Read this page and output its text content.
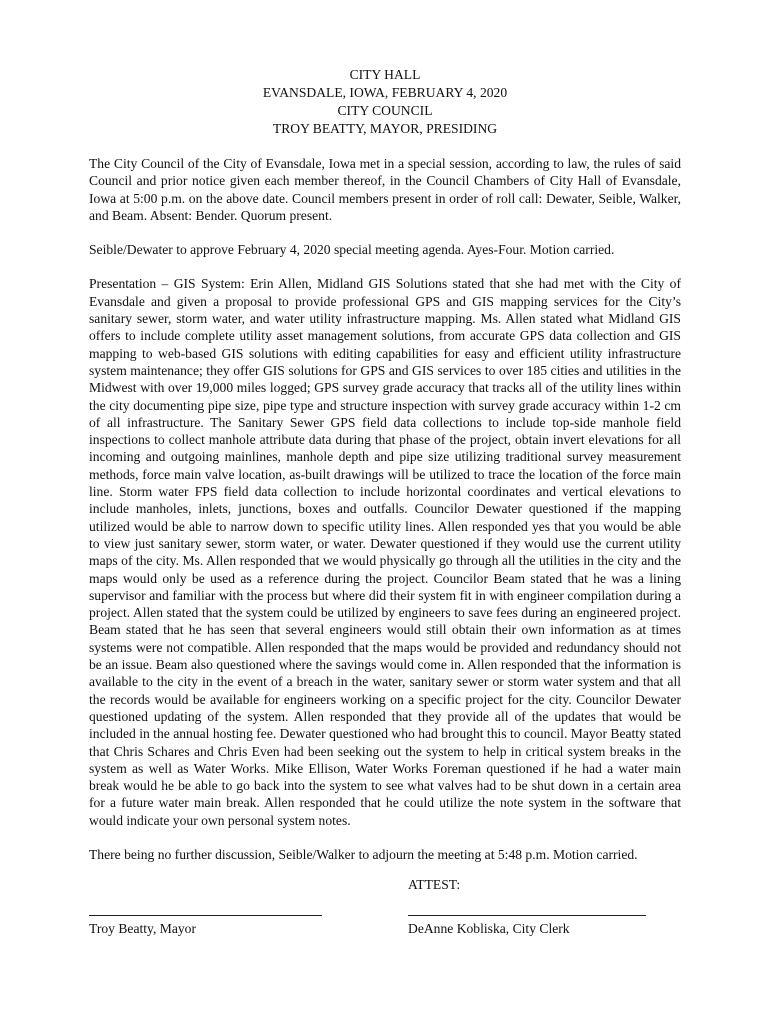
CITY HALL
EVANSDALE, IOWA, FEBRUARY 4, 2020
CITY COUNCIL
TROY BEATTY, MAYOR, PRESIDING

The City Council of the City of Evansdale, Iowa met in a special session, according to law, the rules of said Council and prior notice given each member thereof, in the Council Chambers of City Hall of Evansdale, Iowa at 5:00 p.m. on the above date. Council members present in order of roll call: Dewater, Seible, Walker, and Beam. Absent: Bender. Quorum present.

Seible/Dewater to approve February 4, 2020 special meeting agenda. Ayes-Four. Motion carried.

Presentation – GIS System: Erin Allen, Midland GIS Solutions stated that she had met with the City of Evansdale and given a proposal to provide professional GPS and GIS mapping services for the City’s sanitary sewer, storm water, and water utility infrastructure mapping. Ms. Allen stated what Midland GIS offers to include complete utility asset management solutions, from accurate GPS data collection and GIS mapping to web-based GIS solutions with editing capabilities for easy and efficient utility infrastructure system maintenance; they offer GIS solutions for GPS and GIS services to over 185 cities and utilities in the Midwest with over 19,000 miles logged; GPS survey grade accuracy that tracks all of the utility lines within the city documenting pipe size, pipe type and structure inspection with survey grade accuracy within 1-2 cm of all infrastructure. The Sanitary Sewer GPS field data collections to include top-side manhole field inspections to collect manhole attribute data during that phase of the project, obtain invert elevations for all incoming and outgoing mainlines, manhole depth and pipe size utilizing traditional survey measurement methods, force main valve location, as-built drawings will be utilized to trace the location of the force main line. Storm water FPS field data collection to include horizontal coordinates and vertical elevations to include manholes, inlets, junctions, boxes and outfalls. Councilor Dewater questioned if the mapping utilized would be able to narrow down to specific utility lines. Allen responded yes that you would be able to view just sanitary sewer, storm water, or water. Dewater questioned if they would use the current utility maps of the city. Ms. Allen responded that we would physically go through all the utilities in the city and the maps would only be used as a reference during the project. Councilor Beam stated that he was a lining supervisor and familiar with the process but where did their system fit in with engineer compilation during a project. Allen stated that the system could be utilized by engineers to save fees during an engineered project. Beam stated that he has seen that several engineers would still obtain their own information as at times systems were not compatible. Allen responded that the maps would be provided and redundancy should not be an issue. Beam also questioned where the savings would come in. Allen responded that the information is available to the city in the event of a breach in the water, sanitary sewer or storm water system and that all the records would be available for engineers working on a specific project for the city. Councilor Dewater questioned updating of the system. Allen responded that they provide all of the updates that would be included in the annual hosting fee. Dewater questioned who had brought this to council. Mayor Beatty stated that Chris Schares and Chris Even had been seeking out the system to help in critical system breaks in the system as well as Water Works. Mike Ellison, Water Works Foreman questioned if he had a water main break would he be able to go back into the system to see what valves had to be shut down in a certain area for a future water main break. Allen responded that he could utilize the note system in the software that would indicate your own personal system notes.

There being no further discussion, Seible/Walker to adjourn the meeting at 5:48 p.m. Motion carried.

ATTEST:
Troy Beatty, Mayor	DeAnne Kobliska, City Clerk
